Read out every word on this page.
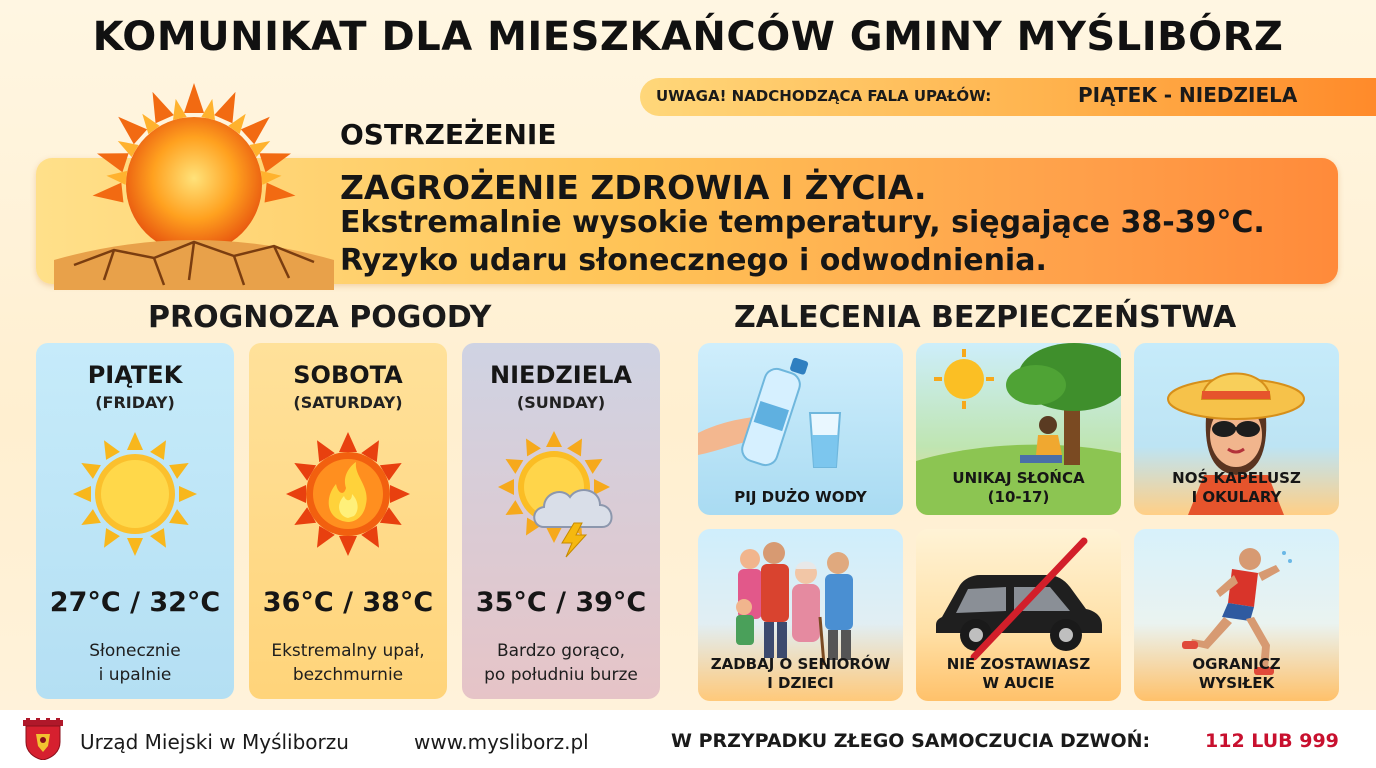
KOMUNIKAT DLA MIESZKAŃCÓW GMINY MYŚLIBÓRZ
UWAGA! NADCHODZĄCA FALA UPAŁÓW:	PIĄTEK - NIEDZIELA
OSTRZEŻENIE
ZAGROŻENIE ZDROWIA I ŻYCIA.
Ekstremalnie wysokie temperatury, sięgające 38-39°C.
Ryzyko udaru słonecznego i odwodnienia.
PROGNOZA POGODY	ZALECENIA BEZPIECZEŃSTWA
PIĄTEK
(FRIDAY)
27°C / 32°C
Słonecznie
i upalnie
SOBOTA
(SATURDAY)
36°C / 38°C
Ekstremalny upał,
bezchmurnie
NIEDZIELA
(SUNDAY)
35°C / 39°C
Bardzo gorąco,
po południu burze
PIJ DUŻO WODY
UNIKAJ SŁOŃCA
(10-17)
NOŚ KAPELUSZ
I OKULARY
ZADBAJ O SENIORÓW
I DZIECI
NIE ZOSTAWIASZ
W AUCIE
OGRANICZ
WYSIŁEK
Urząd Miejski w Myśliborzu	www.mysliborz.pl	W PRZYPADKU ZŁEGO SAMOCZUCIA DZWOŃ:	112 LUB 999
